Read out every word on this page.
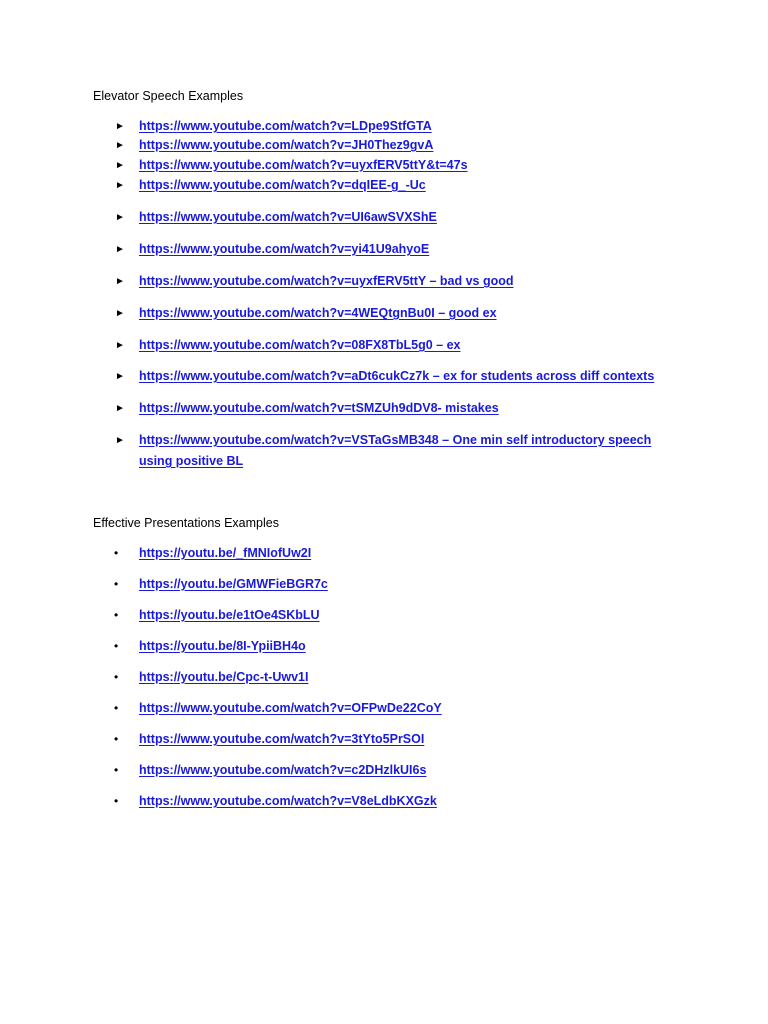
Elevator Speech Examples
►	https://www.youtube.com/watch?v=LDpe9StfGTA
►	https://www.youtube.com/watch?v=JH0Thez9gvA
►	https://www.youtube.com/watch?v=uyxfERV5ttY&t=47s
►	https://www.youtube.com/watch?v=dqIEE-g_-Uc
►	https://www.youtube.com/watch?v=UI6awSVXShE
►	https://www.youtube.com/watch?v=yi41U9ahyoE
►	https://www.youtube.com/watch?v=uyxfERV5ttY – bad vs good
►	https://www.youtube.com/watch?v=4WEQtgnBu0I – good ex
►	https://www.youtube.com/watch?v=08FX8TbL5g0 – ex
►	https://www.youtube.com/watch?v=aDt6cukCz7k – ex for students across diff contexts
►	https://www.youtube.com/watch?v=tSMZUh9dDV8- mistakes
►	https://www.youtube.com/watch?v=VSTaGsMB348 – One min self introductory speech using positive BL
Effective Presentations Examples
•	https://youtu.be/_fMNIofUw2I
•	https://youtu.be/GMWFieBGR7c
•	https://youtu.be/e1tOe4SKbLU
•	https://youtu.be/8I-YpiiBH4o
•	https://youtu.be/Cpc-t-Uwv1I
•	https://www.youtube.com/watch?v=OFPwDe22CoY
•	https://www.youtube.com/watch?v=3tYto5PrSOI
•	https://www.youtube.com/watch?v=c2DHzlkUI6s
•	https://www.youtube.com/watch?v=V8eLdbKXGzk
